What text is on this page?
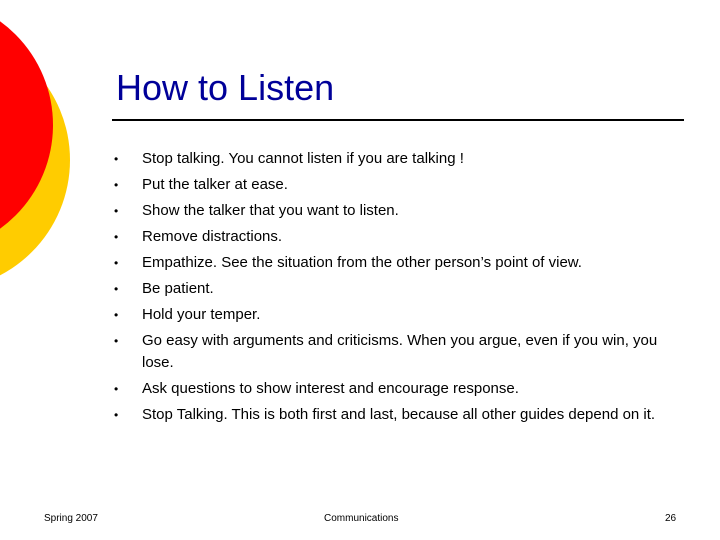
How to Listen
•	Stop talking. You cannot listen if you are talking !
•	Put the talker at ease.
•	Show the talker that you want to listen.
•	Remove distractions.
•	Empathize. See the situation from the other person’s point of view.
•	Be patient.
•	Hold your temper.
•	Go easy with arguments and criticisms. When you argue, even if you win, you lose.
•	Ask questions to show interest and encourage response.
•	Stop Talking. This is both first and last, because all other guides depend on it.
Spring 2007	Communications	26
